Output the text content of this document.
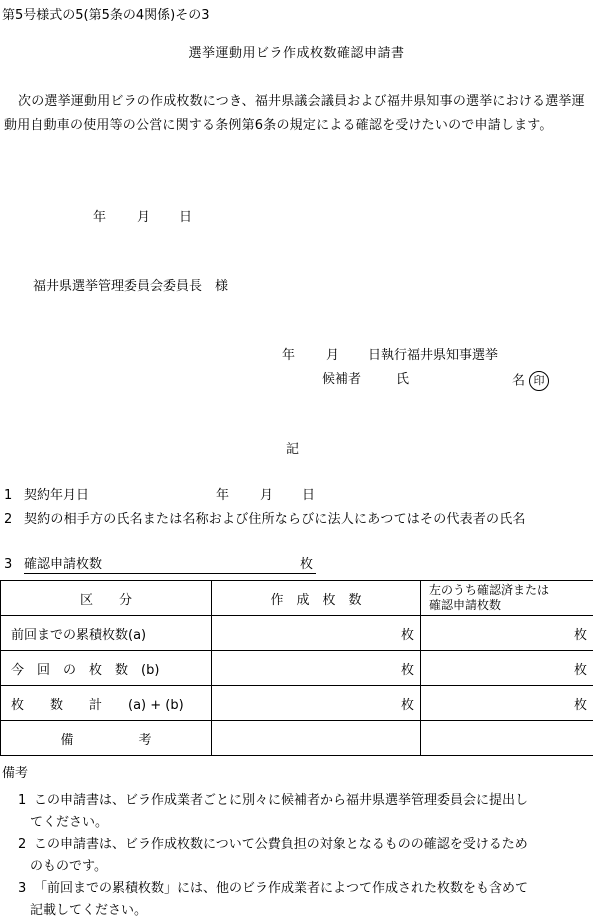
第5号様式の5(第5条の4関係)その3
選挙運動用ビラ作成枚数確認申請書
次の選挙運動用ビラの作成枚数につき、福井県議会議員および福井県知事の選挙における選挙運動用自動車の使用等の公営に関する条例第6条の規定による確認を受けたいので申請します。
年 月 日
福井県選挙管理委員会委員長　様
年 月 日執行福井県知事選挙
候補者	氏	名 印
記
1 契約年月日	年 月 日
2 契約の相手方の氏名または名称および住所ならびに法人にあつてはその代表者の氏名
3 確認申請枚数	枚
区　　分	作　成　枚　数	左のうち確認済または
確認申請枚数

前回までの累積枚数(a)	枚	枚
今　回　の　枚　数　(b)	枚	枚
枚　　数　　計　　(a) + (b)	枚	枚
備　　　　　考		
備考
1 この申請書は、ビラ作成業者ごとに別々に候補者から福井県選挙管理委員会に提出し
てください。
2 この申請書は、ビラ作成枚数について公費負担の対象となるものの確認を受けるため
のものです。
3 「前回までの累積枚数」には、他のビラ作成業者によつて作成された枚数をも含めて
記載してください。
